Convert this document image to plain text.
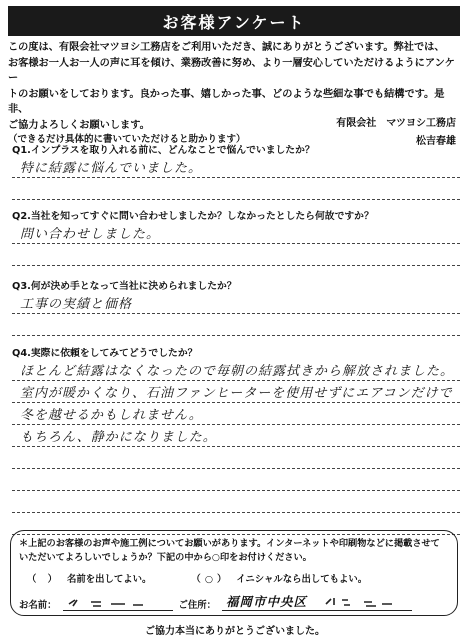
お客様アンケート

この度は、有限会社マツヨシ工務店をご利用いただき、誠にありがとうございます。弊社では、

お客様お一人お一人の声に耳を傾け、業務改善に努め、より一層安心していただけるようにアンケー

トのお願いをしております。良かった事、嬉しかった事、どのような些細な事でも結構です。是非、

ご協力よろしくお願いします。

（できるだけ具体的に書いていただけると助かります）

有限会社　マツヨシ工務店
松吉春雄

Q1.インプラスを取り入れる前に、どんなことで悩んでいましたか？

特に結露に悩んでいました。

Q2.当社を知ってすぐに問い合わせしましたか？しなかったとしたら何故ですか？

問い合わせしました。

Q3.何が決め手となって当社に決められましたか？

工事の実績と価格

Q4.実際に依頼をしてみてどうでしたか？

ほとんど結露はなくなったので毎朝の結露拭きから解放されました。
室内が暖かくなり、石油ファンヒーターを使用せずにエアコンだけで
冬を越せるかもしれません。
もちろん、静かになりました。
＊上記のお客様のお声や施工例についてお願いがあります。インターネットや印刷物などに掲載させていただいてよろしいでしょうか？下記の中から○印をお付けください。
（ ） 名前を出してよい。	（○） イニシャルなら出してもよい。
お名前：	ご住所： 福岡市中央区
ご協力本当にありがとうございました。
